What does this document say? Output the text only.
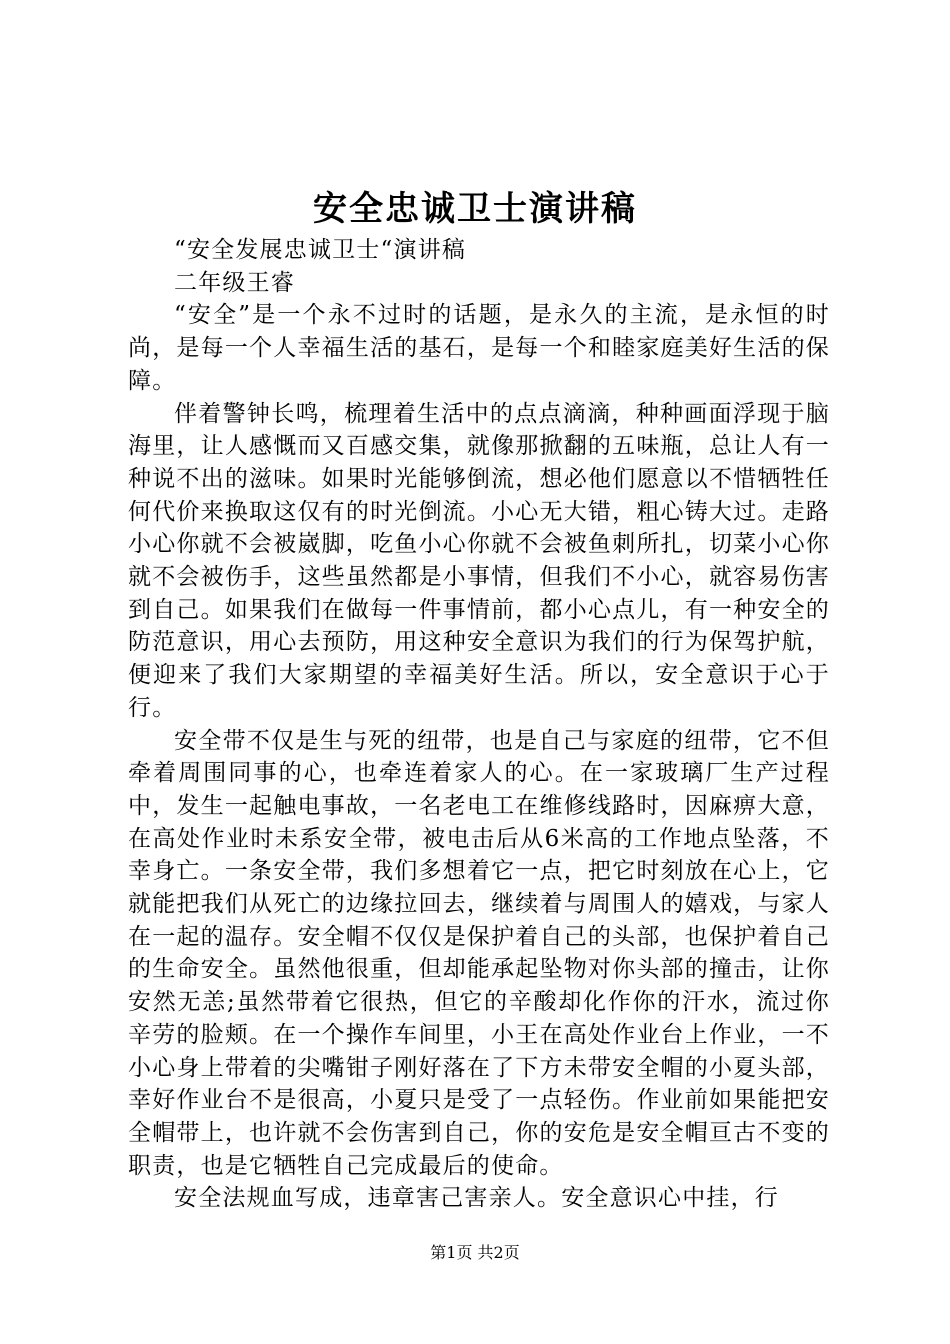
安全忠诚卫士演讲稿

“安全发展忠诚卫士“演讲稿

二年级王睿

“安全”是一个永不过时的话题，是永久的主流，是永恒的时尚，是每一个人幸福生活的基石，是每一个和睦家庭美好生活的保障。

伴着警钟长鸣，梳理着生活中的点点滴滴，种种画面浮现于脑海里，让人感慨而又百感交集，就像那掀翻的五味瓶，总让人有一种说不出的滋味。如果时光能够倒流，想必他们愿意以不惜牺牲任何代价来换取这仅有的时光倒流。小心无大错，粗心铸大过。走路小心你就不会被崴脚，吃鱼小心你就不会被鱼刺所扎，切菜小心你就不会被伤手，这些虽然都是小事情，但我们不小心，就容易伤害到自己。如果我们在做每一件事情前，都小心点儿，有一种安全的防范意识，用心去预防，用这种安全意识为我们的行为保驾护航，便迎来了我们大家期望的幸福美好生活。所以，安全意识于心于行。

安全带不仅是生与死的纽带，也是自己与家庭的纽带，它不但牵着周围同事的心，也牵连着家人的心。在一家玻璃厂生产过程中，发生一起触电事故，一名老电工在维修线路时，因麻痹大意，在高处作业时未系安全带，被电击后从6米高的工作地点坠落，不幸身亡。一条安全带，我们多想着它一点，把它时刻放在心上，它就能把我们从死亡的边缘拉回去，继续着与周围人的嬉戏，与家人在一起的温存。安全帽不仅仅是保护着自己的头部，也保护着自己的生命安全。虽然他很重，但却能承起坠物对你头部的撞击，让你安然无恙;虽然带着它很热，但它的辛酸却化作你的汗水，流过你辛劳的脸颊。在一个操作车间里，小王在高处作业台上作业，一不小心身上带着的尖嘴钳子刚好落在了下方未带安全帽的小夏头部，幸好作业台不是很高，小夏只是受了一点轻伤。作业前如果能把安全帽带上，也许就不会伤害到自己，你的安危是安全帽亘古不变的职责，也是它牺牲自己完成最后的使命。

安全法规血写成，违章害己害亲人。安全意识心中挂，行

第1页 共2页
